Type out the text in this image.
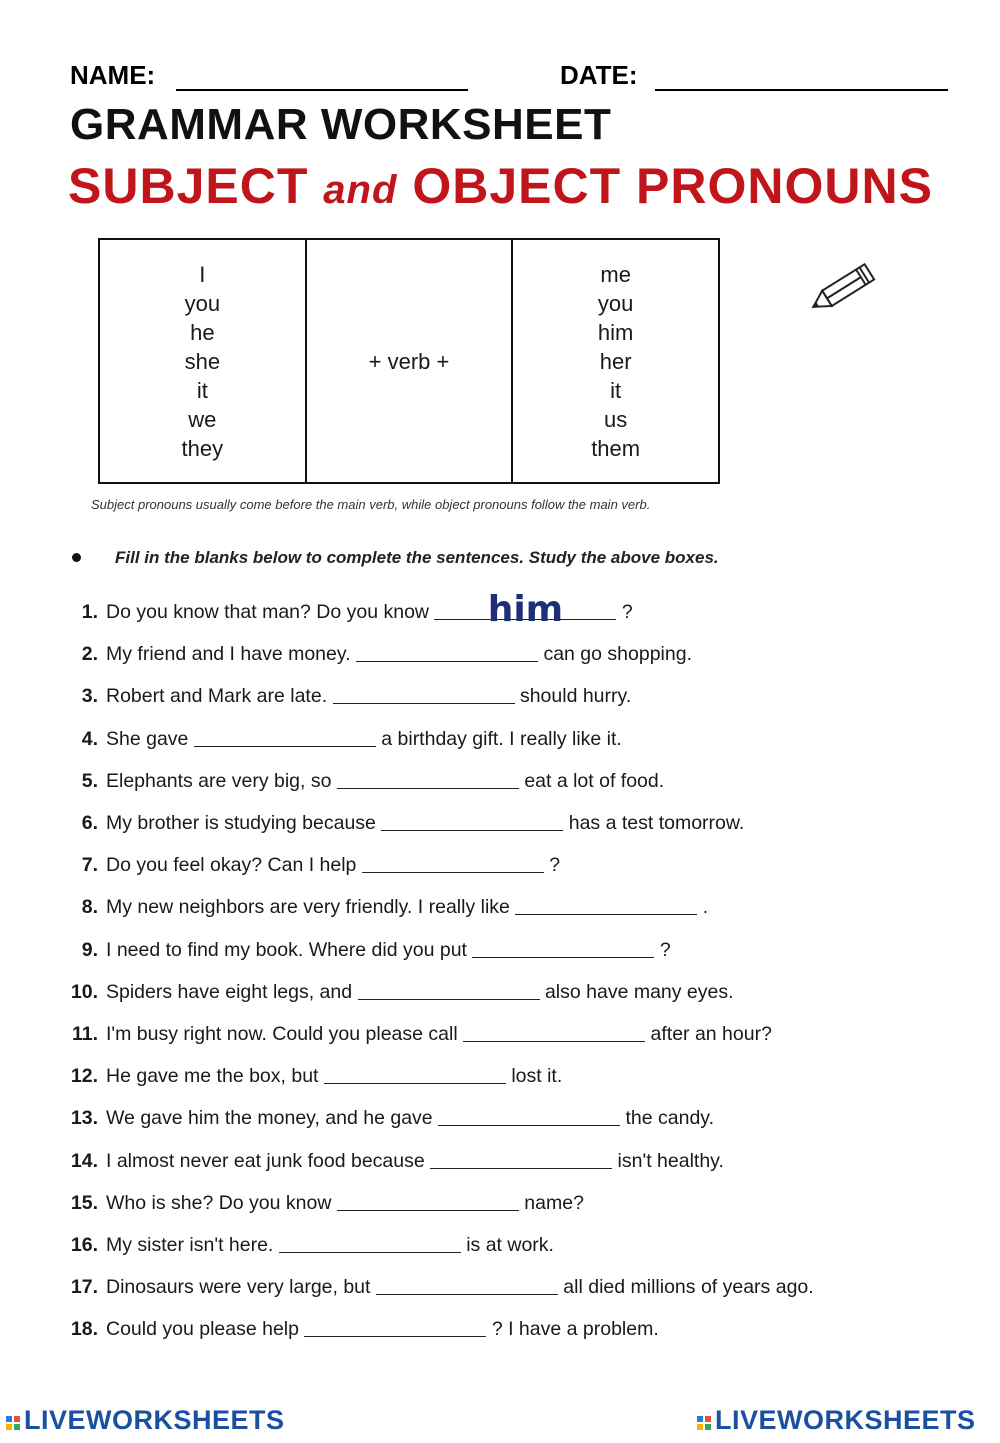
NAME:	DATE:
GRAMMAR WORKSHEET
SUBJECT and OBJECT PRONOUNS
I
you
he
she
it
we
they
	+ verb +	
me
you
him
her
it
us
them
Subject pronouns usually come before the main verb, while object pronouns follow the main verb.
Fill in the blanks below to complete the sentences. Study the above boxes.
1. Do you know that man? Do you know	him	?
2. My friend and I have money.	can go shopping.
3. Robert and Mark are late.	should hurry.
4. She gave	a birthday gift. I really like it.
5. Elephants are very big, so	eat a lot of food.
6. My brother is studying because	has a test tomorrow.
7. Do you feel okay? Can I help	?
8. My new neighbors are very friendly. I really like	.
9. I need to find my book. Where did you put	?
10. Spiders have eight legs, and	also have many eyes.
11. I'm busy right now. Could you please call	after an hour?
12. He gave me the box, but	lost it.
13. We gave him the money, and he gave	the candy.
14. I almost never eat junk food because	isn't healthy.
15. Who is she? Do you know	name?
16. My sister isn't here.	is at work.
17. Dinosaurs were very large, but	all died millions of years ago.
18. Could you please help	? I have a problem.
LIVEWORKSHEETS	LIVEWORKSHEETS
